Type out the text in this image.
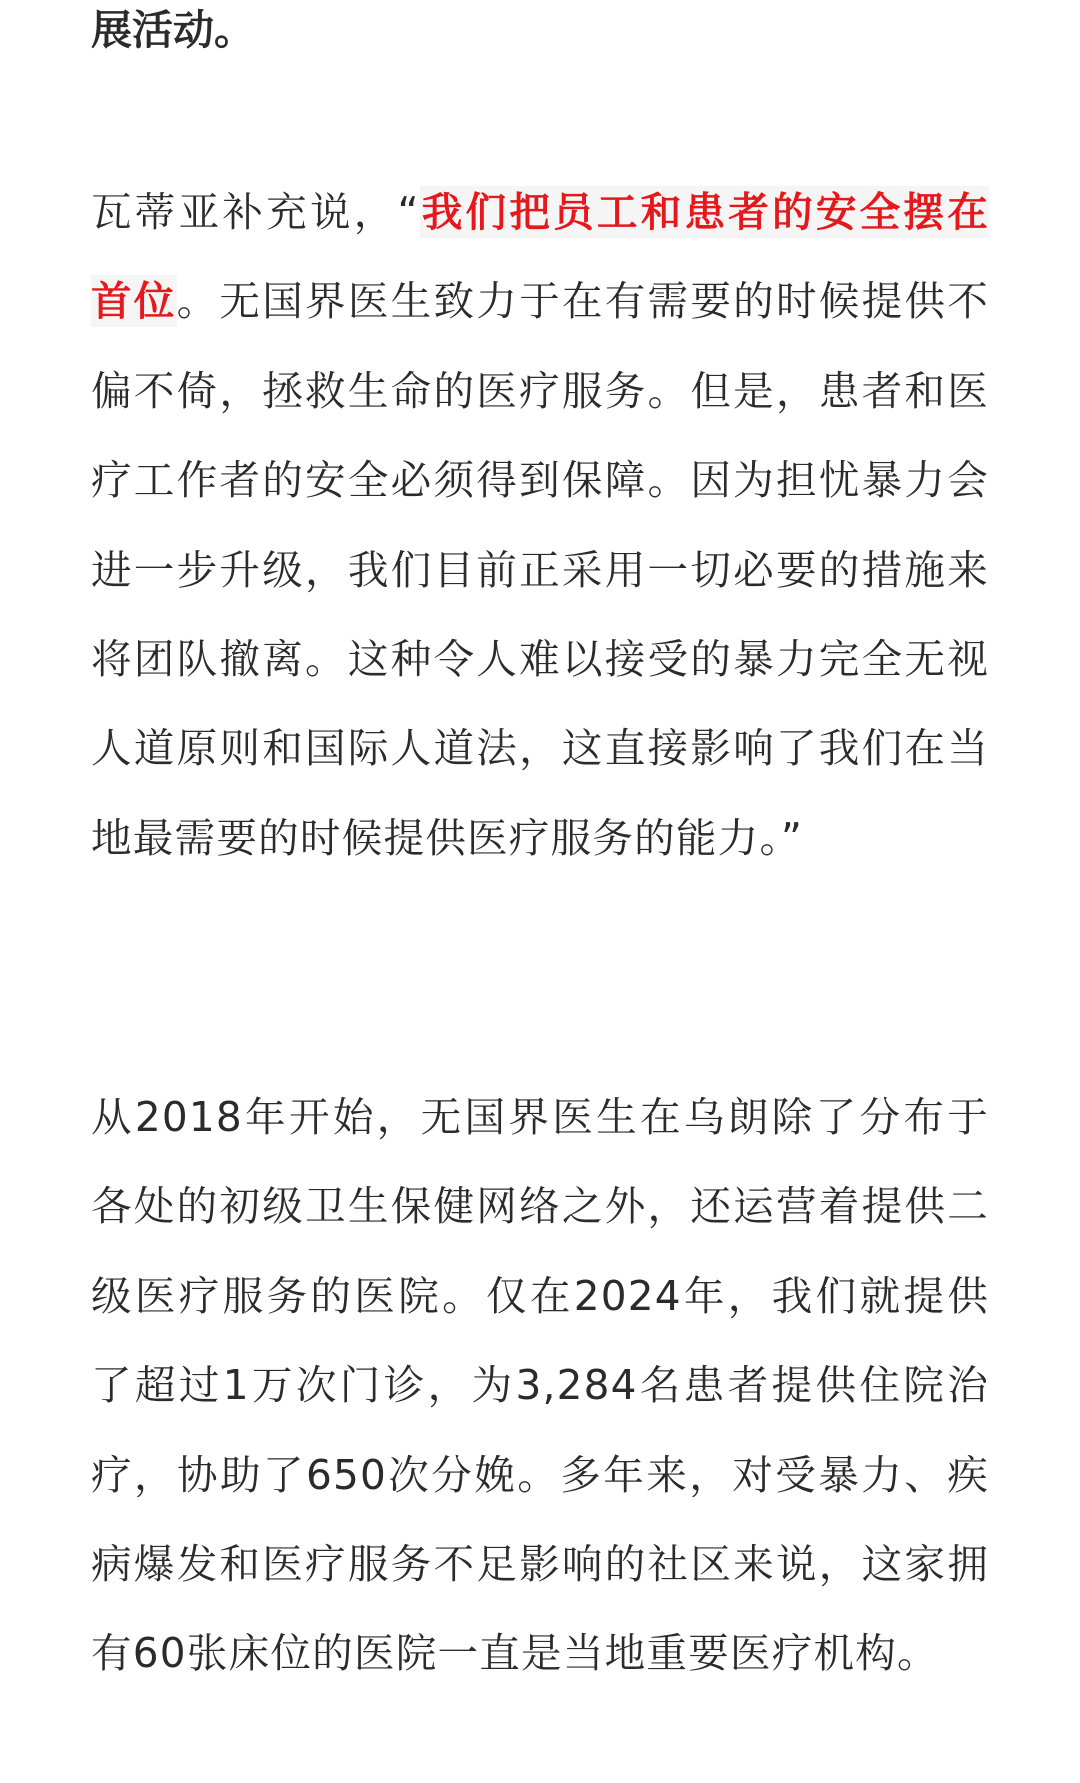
展活动。

瓦蒂亚补充说，“我们把员工和患者的安全摆在首位。无国界医生致力于在有需要的时候提供不偏不倚，拯救生命的医疗服务。但是，患者和医疗工作者的安全必须得到保障。因为担忧暴力会进一步升级，我们目前正采用一切必要的措施来将团队撤离。这种令人难以接受的暴力完全无视人道原则和国际人道法，这直接影响了我们在当地最需要的时候提供医疗服务的能力。”

从2018年开始，无国界医生在乌朗除了分布于各处的初级卫生保健网络之外，还运营着提供二级医疗服务的医院。仅在2024年，我们就提供了超过1万次门诊，为3,284名患者提供住院治疗，协助了650次分娩。多年来，对受暴力、疾病爆发和医疗服务不足影响的社区来说，这家拥有60张床位的医院一直是当地重要医疗机构。
